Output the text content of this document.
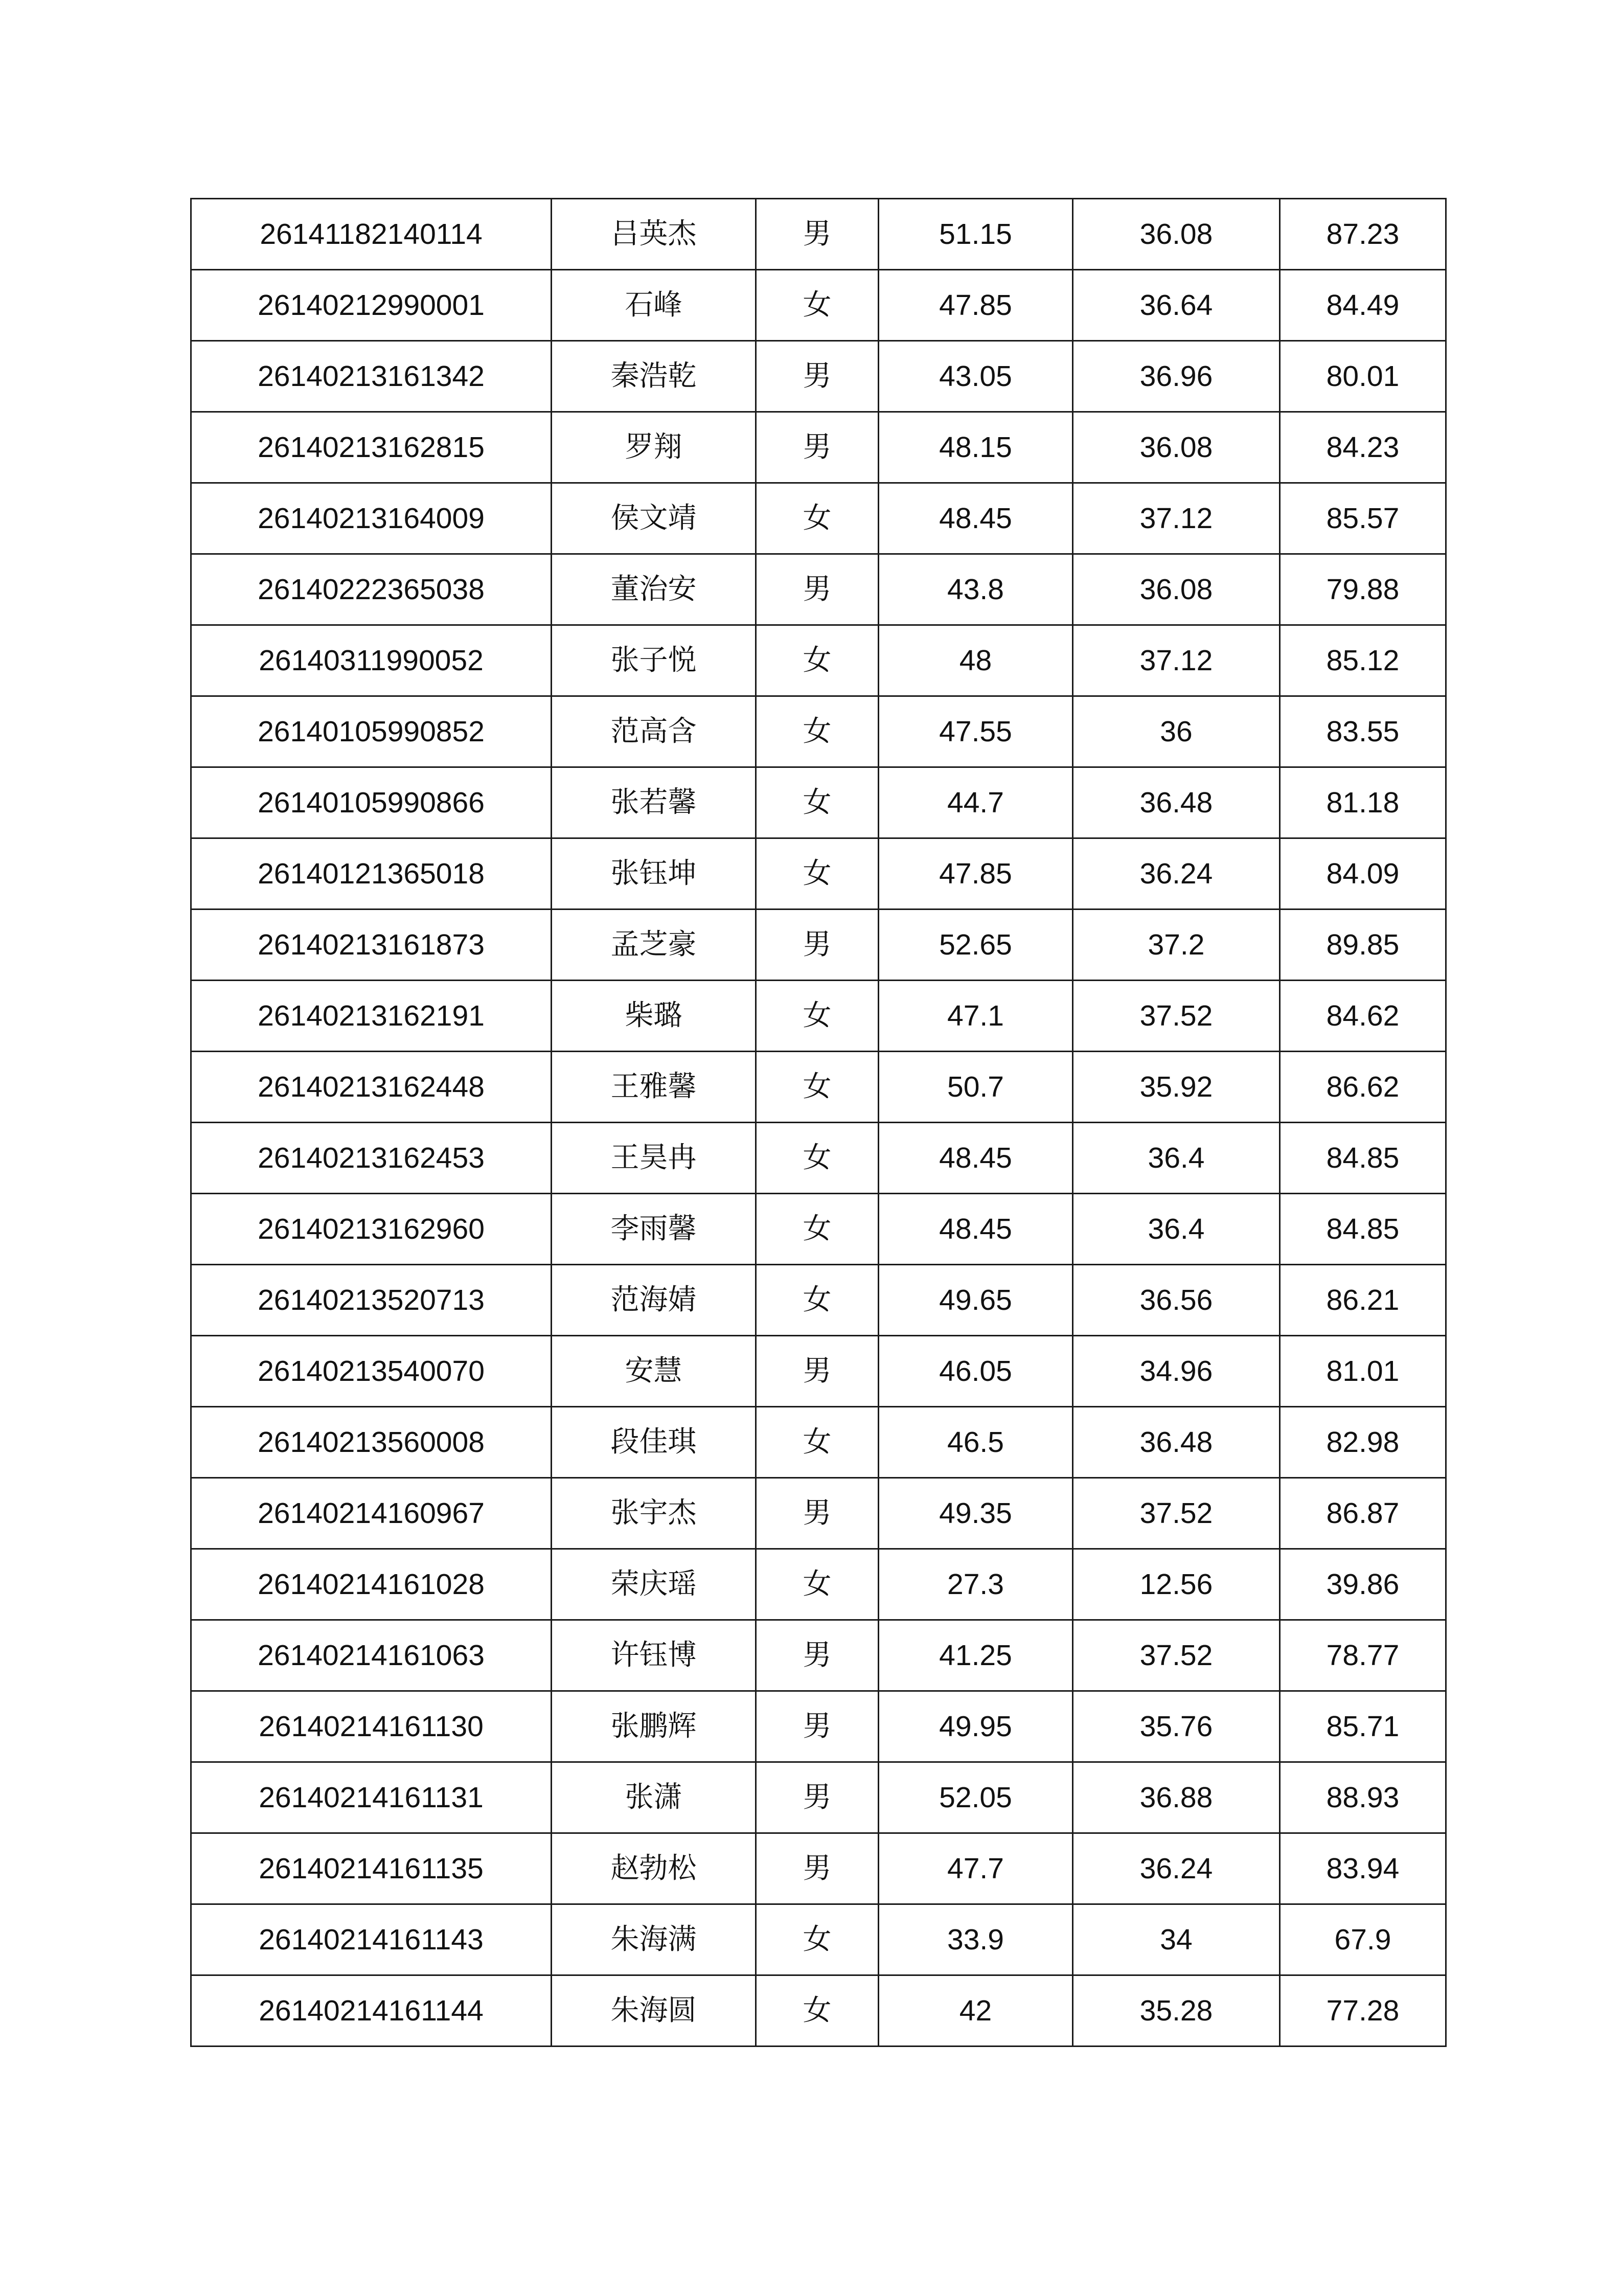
26141182140114	吕英杰	男	51.15	36.08	87.23
26140212990001	石峰	女	47.85	36.64	84.49
26140213161342	秦浩乾	男	43.05	36.96	80.01
26140213162815	罗翔	男	48.15	36.08	84.23
26140213164009	侯文靖	女	48.45	37.12	85.57
26140222365038	董治安	男	43.8	36.08	79.88
26140311990052	张子悦	女	48	37.12	85.12
26140105990852	范高含	女	47.55	36	83.55
26140105990866	张若馨	女	44.7	36.48	81.18
26140121365018	张钰坤	女	47.85	36.24	84.09
26140213161873	孟芝豪	男	52.65	37.2	89.85
26140213162191	柴璐	女	47.1	37.52	84.62
26140213162448	王雅馨	女	50.7	35.92	86.62
26140213162453	王昊冉	女	48.45	36.4	84.85
26140213162960	李雨馨	女	48.45	36.4	84.85
26140213520713	范海婧	女	49.65	36.56	86.21
26140213540070	安慧	男	46.05	34.96	81.01
26140213560008	段佳琪	女	46.5	36.48	82.98
26140214160967	张宇杰	男	49.35	37.52	86.87
26140214161028	荣庆瑶	女	27.3	12.56	39.86
26140214161063	许钰博	男	41.25	37.52	78.77
26140214161130	张鹏辉	男	49.95	35.76	85.71
26140214161131	张潇	男	52.05	36.88	88.93
26140214161135	赵勃松	男	47.7	36.24	83.94
26140214161143	朱海满	女	33.9	34	67.9
26140214161144	朱海圆	女	42	35.28	77.28
